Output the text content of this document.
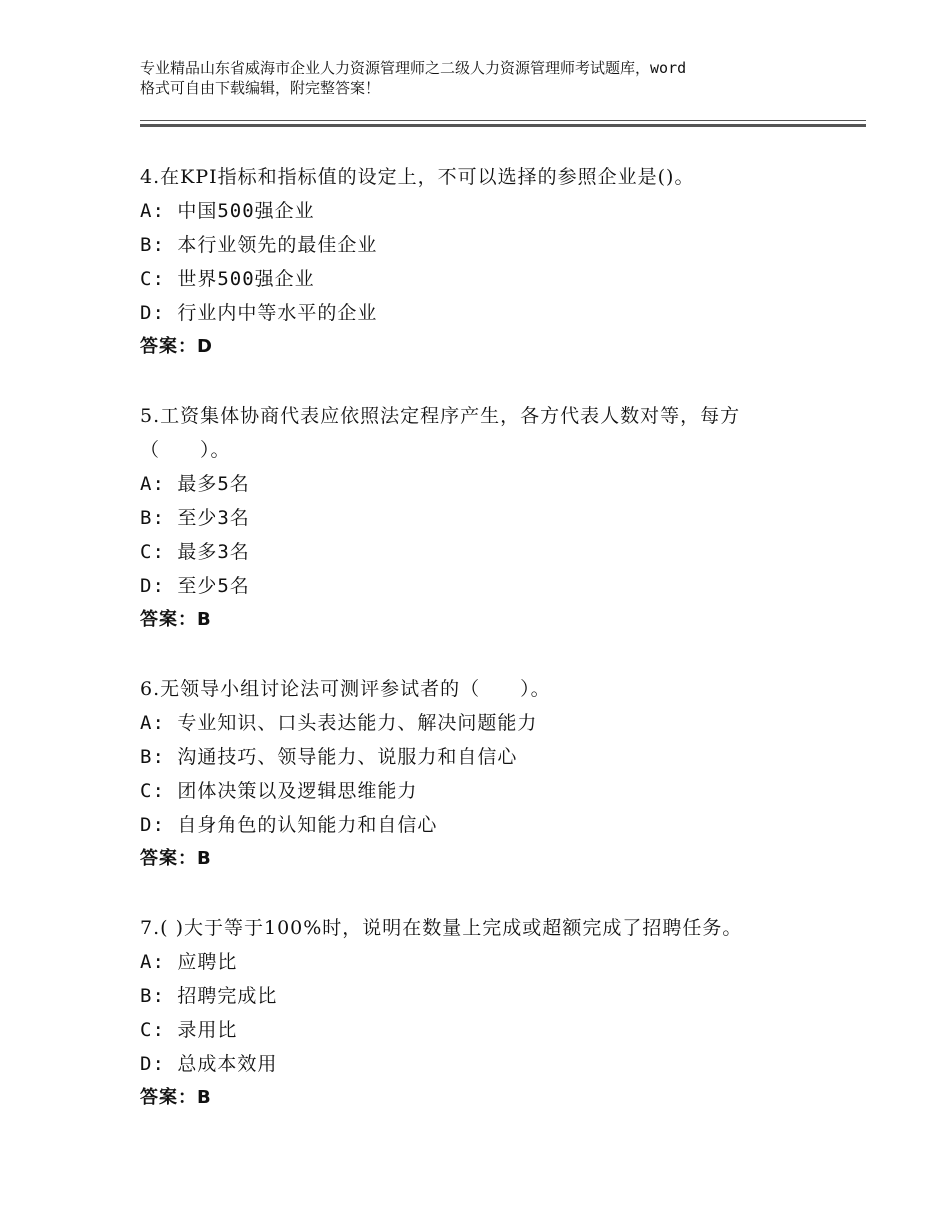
专业精品山东省威海市企业人力资源管理师之二级人力资源管理师考试题库，word
格式可自由下载编辑，附完整答案！
4.在KPI指标和指标值的设定上，不可以选择的参照企业是()。
A: 中国500强企业
B: 本行业领先的最佳企业
C: 世界500强企业
D: 行业内中等水平的企业
答案：D
5.工资集体协商代表应依照法定程序产生，各方代表人数对等，每方
（　　）。
A: 最多5名
B: 至少3名
C: 最多3名
D: 至少5名
答案：B
6.无领导小组讨论法可测评参试者的（　　）。
A: 专业知识、口头表达能力、解决问题能力
B: 沟通技巧、领导能力、说服力和自信心
C: 团体决策以及逻辑思维能力
D: 自身角色的认知能力和自信心
答案：B
7.( )大于等于100%时，说明在数量上完成或超额完成了招聘任务。
A: 应聘比
B: 招聘完成比
C: 录用比
D: 总成本效用
答案：B
